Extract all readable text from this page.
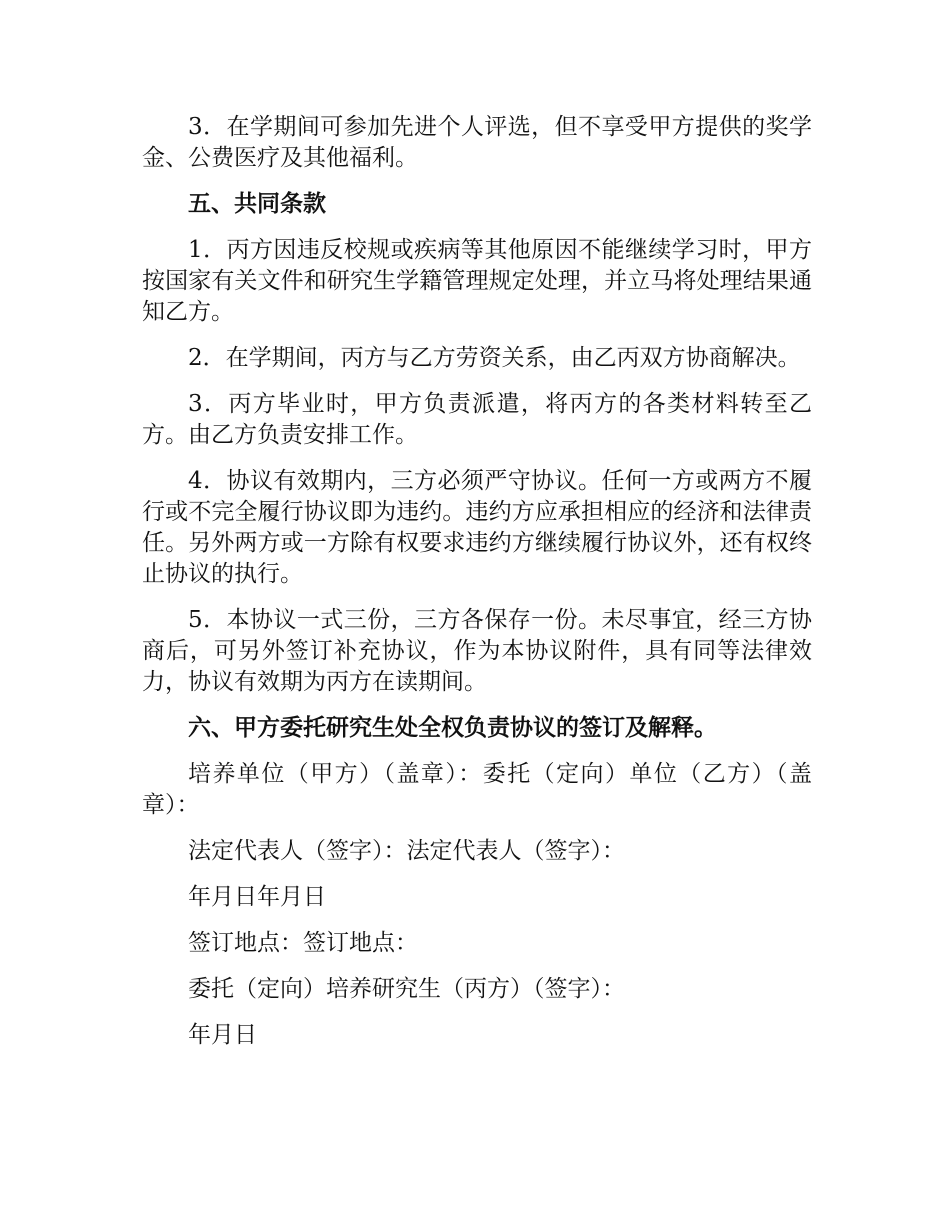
3．在学期间可参加先进个人评选，但不享受甲方提供的奖学金、公费医疗及其他福利。

五、共同条款

1．丙方因违反校规或疾病等其他原因不能继续学习时，甲方按国家有关文件和研究生学籍管理规定处理，并立马将处理结果通知乙方。

2．在学期间，丙方与乙方劳资关系，由乙丙双方协商解决。

3．丙方毕业时，甲方负责派遣，将丙方的各类材料转至乙方。由乙方负责安排工作。

4．协议有效期内，三方必须严守协议。任何一方或两方不履行或不完全履行协议即为违约。违约方应承担相应的经济和法律责任。另外两方或一方除有权要求违约方继续履行协议外，还有权终止协议的执行。

5．本协议一式三份，三方各保存一份。未尽事宜，经三方协商后，可另外签订补充协议，作为本协议附件，具有同等法律效力，协议有效期为丙方在读期间。

六、甲方委托研究生处全权负责协议的签订及解释。

培养单位（甲方）（盖章）：委托（定向）单位（乙方）（盖章）：

法定代表人（签字）：法定代表人（签字）：

年月日年月日

签订地点：签订地点：

委托（定向）培养研究生（丙方）（签字）：

年月日
